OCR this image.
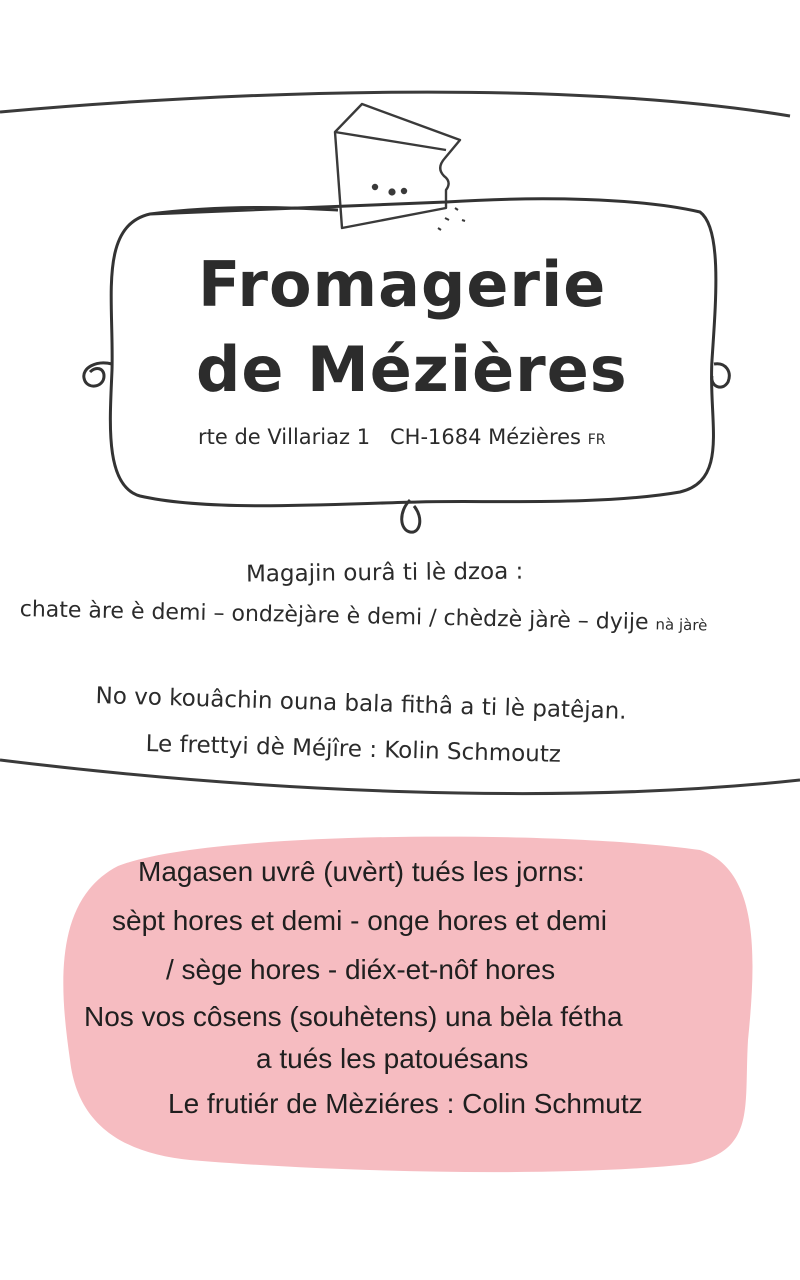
Fromagerie
de Mézières
rte de Villariaz 1 CH-1684 Mézières FR
Magajin ourâ ti lè dzoa :
chate àre è demi – ondzèjàre è demi / chèdzè jàrè – dyije nà jàrè
No vo kouâchin ouna bala fithâ a ti lè patêjan.
Le frettyi dè Méjîre : Kolin Schmoutz
Magasen uvrê (uvèrt) tués les jorns:
sèpt hores et demi - onge hores et demi
/ sège hores - diéx-et-nôf hores
Nos vos côsens (souhètens) una bèla fétha
a tués les patouésans
Le frutiér de Mèziéres : Colin Schmutz
